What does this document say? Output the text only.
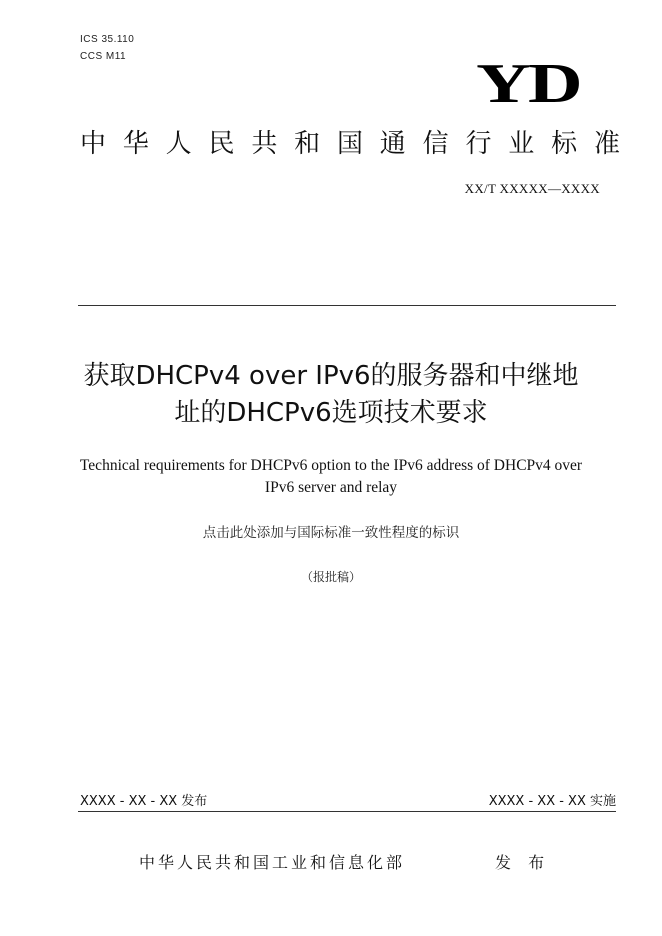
ICS 35.110
CCS M11	YD
中 华 人 民 共 和 国 通 信 行 业 标 准
XX/T XXXXX—XXXX
获取DHCPv4 over IPv6的服务器和中继地
址的DHCPv6选项技术要求
Technical requirements for DHCPv6 option to the IPv6 address of DHCPv4 over
IPv6 server and relay
点击此处添加与国际标准一致性程度的标识
（报批稿）
XXXX - XX - XX 发布	XXXX - XX - XX 实施
中华人民共和国工业和信息化部	发 布
